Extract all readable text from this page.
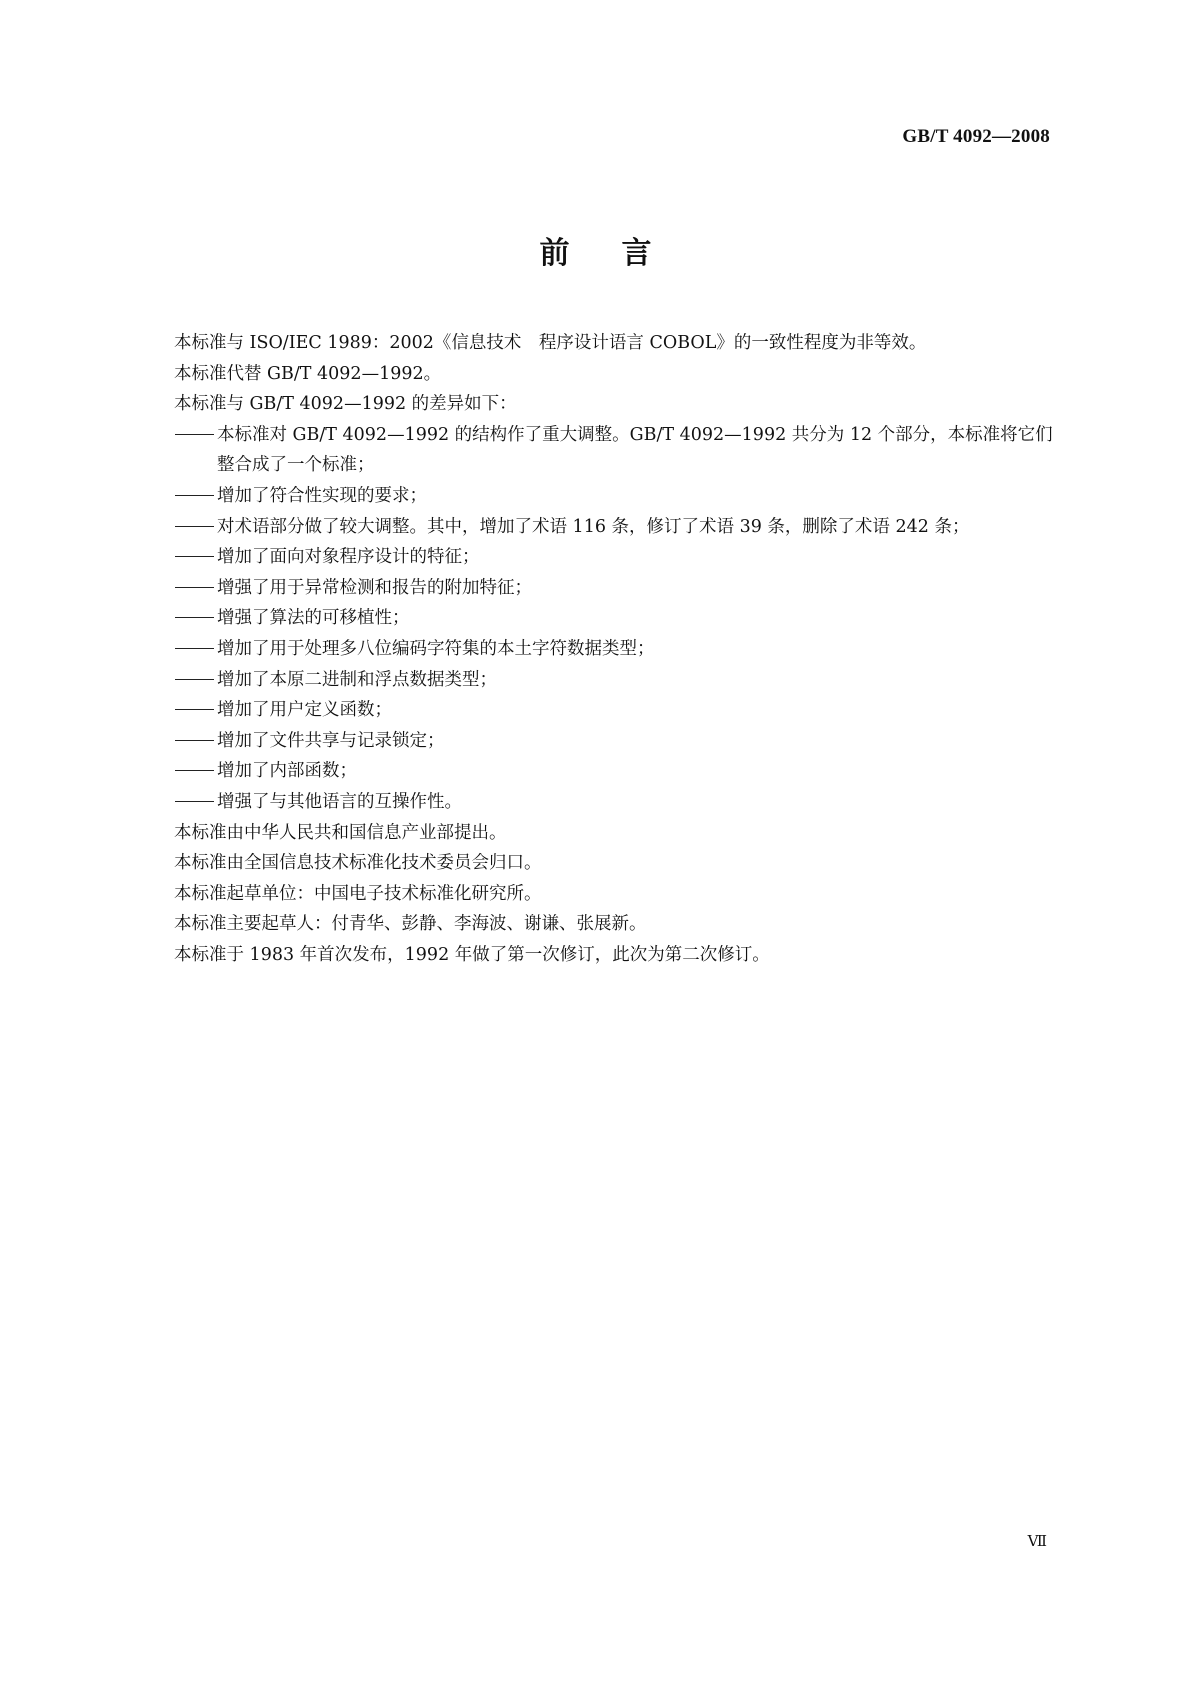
GB/T 4092—2008
前言

本标准与 ISO/IEC 1989：2002《信息技术　程序设计语言 COBOL》的一致性程度为非等效。

本标准代替 GB/T 4092—1992。

本标准与 GB/T 4092—1992 的差异如下：

本标准对 GB/T 4092—1992 的结构作了重大调整。GB/T 4092—1992 共分为 12 个部分，本标准将它们整合成了一个标准；

增加了符合性实现的要求；

对术语部分做了较大调整。其中，增加了术语 116 条，修订了术语 39 条，删除了术语 242 条；

增加了面向对象程序设计的特征；

增强了用于异常检测和报告的附加特征；

增强了算法的可移植性；

增加了用于处理多八位编码字符集的本土字符数据类型；

增加了本原二进制和浮点数据类型；

增加了用户定义函数；

增加了文件共享与记录锁定；

增加了内部函数；

增强了与其他语言的互操作性。

本标准由中华人民共和国信息产业部提出。

本标准由全国信息技术标准化技术委员会归口。

本标准起草单位：中国电子技术标准化研究所。

本标准主要起草人：付青华、彭静、李海波、谢谦、张展新。

本标准于 1983 年首次发布，1992 年做了第一次修订，此次为第二次修订。

Ⅶ
